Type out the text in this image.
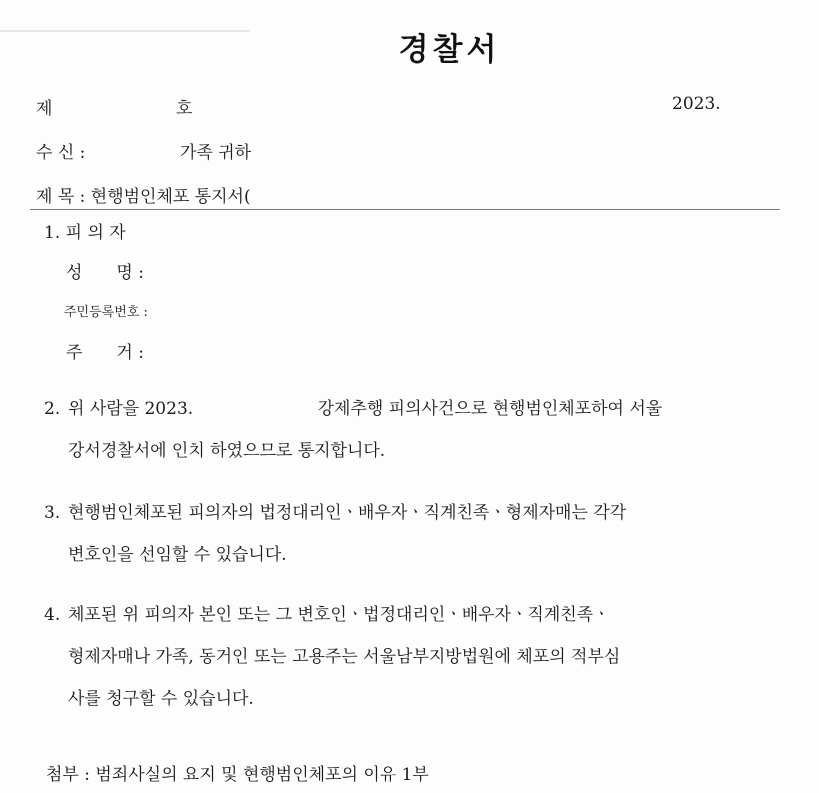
경찰서
제	호	2023.
수 신 :	가족 귀하
제 목 : 현행범인체포 통지서(
1. 피 의 자
성　　명 :
주민등록번호 :
주　　거 :
2. 위 사람을 2023.　　　　　　　 강제추행 피의사건으로 현행범인체포하여 서울
강서경찰서에 인치 하였으므로 통지합니다.
3. 현행범인체포된 피의자의 법정대리인ㆍ배우자ㆍ직계친족ㆍ형제자매는 각각
변호인을 선임할 수 있습니다.
4. 체포된 위 피의자 본인 또는 그 변호인ㆍ법정대리인ㆍ배우자ㆍ직계친족ㆍ
형제자매나 가족, 동거인 또는 고용주는 서울남부지방법원에 체포의 적부심
사를 청구할 수 있습니다.
첨부 : 범죄사실의 요지 및 현행범인체포의 이유 1부
